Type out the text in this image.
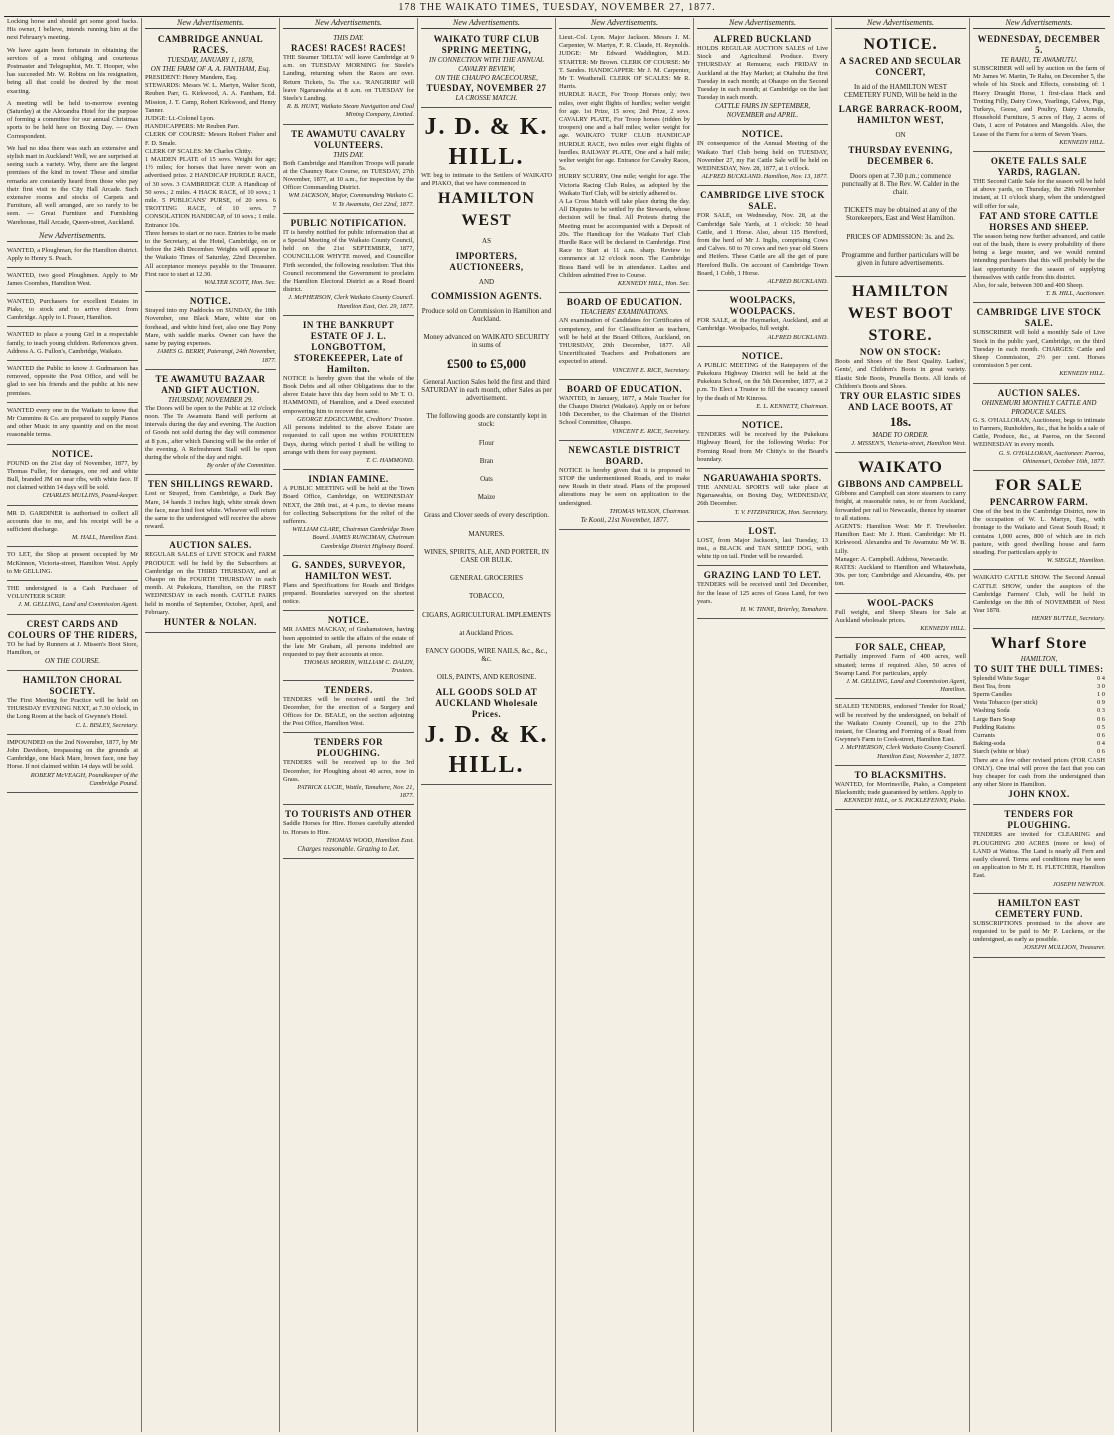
178 THE WAIKATO TIMES, TUESDAY, NOVEMBER 27, 1877.

Locking horse and should get some good backs. His owner, I believe, intends running him at the next February's meeting.

We have again been fortunate in obtaining the services of a most obliging and courteous Postmaster and Telegraphist, Mr. T. Hooper, who has succeeded Mr. W. Robins on his resignation, being all that could be desired by the most exacting.

A meeting will be held to-morrow evening (Saturday) at the Alexandra Hotel for the purpose of forming a committee for our annual Christmas sports to be held here on Boxing Day. — Own Correspondent.

We had no idea there was such an extensive and stylish mart in Auckland! Well, we are surprised at seeing such a variety. Why, there are the largest premises of the kind in town! These and similar remarks are constantly heard from those who pay their first visit to the City Hall Arcade. Such extensive rooms and stocks of Carpets and Furniture, all well arranged, are so rarely to be seen. — Great Furniture and Furnishing Warehouse, Hall Arcade, Queen-street, Auckland.

New Advertisements.
WANTED, a Ploughman, for the Hamilton district. Apply to Henry S. Peach.
WANTED, two good Ploughmen. Apply to Mr James Coombes, Hamilton West.
WANTED, Purchasers for excellent Estates in Piako, to stock and to arrive direct from Cambridge. Apply to I. Fraser, Hamilton.
WANTED to place a young Girl in a respectable family, to teach young children. References given. Address A. G. Fullon's, Cambridge, Waikato.
WANTED the Public to know J. Gudmanson has removed, opposite the Post Office, and will be glad to see his friends and the public at his new premises.
WANTED every one in the Waikato to know that Mr Cummins & Co. are prepared to supply Pianos and other Music in any quantity and on the most reasonable terms.
NOTICE.
FOUND on the 21st day of November, 1877, by Thomas Fuller, for damages, one red and white Bull, branded JM on near ribs, with white face. If not claimed within 14 days will be sold.
CHARLES MULLINS, Pound-keeper.
MR D. GARDINER is authorised to collect all accounts due to me, and his receipt will be a sufficient discharge.
M. HALL, Hamilton East.
TO LET, the Shop at present occupied by Mr McKinnon, Victoria-street, Hamilton West. Apply to Mr GELLING.
THE undersigned is a Cash Purchaser of VOLUNTEER SCRIP.
J. M. GELLING, Land and Commission Agent.
CREST CARDS AND COLOURS OF THE RIDERS,
TO be had by Runners at J. Missen's Boot Store, Hamilton, or
ON THE COURSE.
HAMILTON CHORAL SOCIETY.
The First Meeting for Practice will be held on THURSDAY EVENING NEXT, at 7.30 o'clock, in the Long Room at the back of Gwynne's Hotel.
C. L. BISLEY, Secretary.
IMPOUNDED on the 2nd November, 1877, by Mr John Davidson, trespassing on the grounds at Cambridge, one black Mare, brown face, one bay Horse. If not claimed within 14 days will be sold.
ROBERT McVEAGH, Poundkeeper of the Cambridge Pound.
New Advertisements.
CAMBRIDGE ANNUAL RACES.
TUESDAY, JANUARY 1, 1878,
ON THE FARM OF A. A. FANTHAM, Esq.
PRESIDENT: Henry Mandem, Esq.
STEWARDS: Messrs W. L. Martyn, Walter Scott, Reuben Parr, G. Kirkwood, A. A. Fantham, Ed. Mission, J. T. Camp, Robert Kirkwood, and Henry Tanner.
JUDGE: Lt.-Colonel Lyon.
HANDICAPPERS: Mr Reuben Parr.
CLERK OF COURSE: Messrs Robert Fisher and F. D. Smale.
CLERK OF SCALES: Mr Charles Chitty.
1 MAIDEN PLATE of 15 sovs. Weight for age; 1½ miles; for horses that have never won an advertised prize. 2 HANDICAP HURDLE RACE, of 30 sovs. 3 CAMBRIDGE CUP. A Handicap of 50 sovs.; 2 miles. 4 HACK RACE, of 10 sovs.; 1 mile. 5 PUBLICANS' PURSE, of 20 sovs. 6 TROTTING RACE, of 10 sovs. 7 CONSOLATION HANDICAP, of 10 sovs.; 1 mile. Entrance 10s.
Three horses to start or no race. Entries to be made to the Secretary, at the Hotel, Cambridge, on or before the 24th December. Weights will appear in the Waikato Times of Saturday, 22nd December. All acceptance moneys payable to the Treasurer. First race to start at 12.30.
WALTER SCOTT, Hon. Sec.
NOTICE.
Strayed into my Paddocks on SUNDAY, the 18th November, one Black Mare, white star on forehead, and white hind feet, also one Bay Pony Mare, with saddle marks. Owner can have the same by paying expenses.
JAMES G. BERRY, Paterangi, 24th November, 1877.
TE AWAMUTU BAZAAR AND GIFT AUCTION.
THURSDAY, NOVEMBER 29.
The Doors will be open to the Public at 12 o'clock noon. The Te Awamutu Band will perform at intervals during the day and evening. The Auction of Goods not sold during the day will commence at 8 p.m., after which Dancing will be the order of the evening. A Refreshment Stall will be open during the whole of the day and night.
By order of the Committee.
TEN SHILLINGS REWARD.
Lost or Strayed, from Cambridge, a Dark Bay Mare, 14 hands 3 inches high, white streak down the face, near hind foot white. Whoever will return the same to the undersigned will receive the above reward.
AUCTION SALES.
REGULAR SALES of LIVE STOCK and FARM PRODUCE will be held by the Subscribers at Cambridge on the THIRD THURSDAY, and at Ohaupo on the FOURTH THURSDAY in each month. At Pukekura, Hamilton, on the FIRST WEDNESDAY in each month. CATTLE FAIRS held in months of September, October, April, and February.
HUNTER & NOLAN.
New Advertisements.
THIS DAY.
RACES! RACES! RACES!
THE Steamer 'DELTA' will leave Cambridge at 9 a.m. on TUESDAY MORNING for Steele's Landing, returning when the Races are over. Return Tickets, 5s. The s.s. 'RANGIRIRI' will leave Ngaruawahia at 8 a.m. on TUESDAY for Steele's Landing.
R. B. HUNT, Waikato Steam Navigation and Coal Mining Company, Limited.
TE AWAMUTU CAVALRY VOLUNTEERS.
THIS DAY.
Both Cambridge and Hamilton Troops will parade at the Chauncy Race Course, on TUESDAY, 27th November, 1877, at 10 a.m., for inspection by the Officer Commanding District.
WM JACKSON, Major, Commanding Waikato C. V. Te Awamutu, Oct 22nd, 1877.
PUBLIC NOTIFICATION.
IT is hereby notified for public information that at a Special Meeting of the Waikato County Council, held on the 21st SEPTEMBER, 1877, COUNCILLOR WHYTE moved, and Councillor Firth seconded, the following resolution: That this Council recommend the Government to proclaim the Hamilton Electoral District as a Road Board district.
J. McPHERSON, Clerk Waikato County Council. Hamilton East, Oct. 29, 1877.
IN THE BANKRUPT ESTATE OF J. L. LONGBOTTOM, STOREKEEPER, Late of Hamilton.
NOTICE is hereby given that the whole of the Book Debts and all other Obligations due to the above Estate have this day been sold to Mr T. O. HAMMOND, of Hamilton, and a Deed executed empowering him to recover the same.
GEORGE EDGECUMBE, Creditors' Trustee.
All persons indebted to the above Estate are requested to call upon me within FOURTEEN Days, during which period I shall be willing to arrange with them for easy payment.
T. C. HAMMOND.
INDIAN FAMINE.
A PUBLIC MEETING will be held at the Town Board Office, Cambridge, on WEDNESDAY NEXT, the 28th inst., at 4 p.m., to devise means for collecting Subscriptions for the relief of the sufferers.
WILLIAM CLARE, Chairman Cambridge Town Board. JAMES RUNCIMAN, Chairman Cambridge District Highway Board.
G. SANDES, SURVEYOR, HAMILTON WEST.
Plans and Specifications for Roads and Bridges prepared. Boundaries surveyed on the shortest notice.
NOTICE.
MR JAMES MACKAY, of Grahamstown, having been appointed to settle the affairs of the estate of the late Mr Graham, all persons indebted are requested to pay their accounts at once.
THOMAS MORRIN, WILLIAM C. DALDY, Trustees.
TENDERS.
TENDERS will be received until the 3rd December, for the erection of a Surgery and Offices for Dr. BEALE, on the section adjoining the Post Office, Hamilton West.
TENDERS FOR PLOUGHING.
TENDERS will be received up to the 3rd December, for Ploughing about 40 acres, now in Grass.
PATRICK LUCIE, Wattle, Tamahere, Nov. 21, 1877.
TO TOURISTS AND OTHER
Saddle Horses for Hire. Horses carefully attended to. Horses to Hire.
THOMAS WOOD, Hamilton East.
Charges reasonable. Grazing to Let.
New Advertisements.
WAIKATO TURF CLUB SPRING MEETING,
IN CONNECTION WITH THE ANNUAL CAVALRY REVIEW,
ON THE CHAUPO RACECOURSE,
TUESDAY, NOVEMBER 27
LA CROSSE MATCH.
J. D. & K. HILL.
WE beg to intimate to the Settlers of WAIKATO and PIAKO, that we have commenced in
HAMILTON WEST
AS
IMPORTERS, AUCTIONEERS,
AND
COMMISSION AGENTS.
Produce sold on Commission in Hamilton and Auckland.
Money advanced on WAIKATO SECURITY in sums of
£500 to £5,000
General Auction Sales held the first and third SATURDAY in each month, other Sales as per advertisement.
The following goods are constantly kept in stock:
Flour
Bran
Oats
Maize
Grass and Clover seeds of every description.
MANURES.
WINES, SPIRITS, ALE, AND PORTER, IN CASE OR BULK.
GENERAL GROCERIES
TOBACCO,
CIGARS, AGRICULTURAL IMPLEMENTS
at Auckland Prices.
FANCY GOODS, WIRE NAILS, &c., &c., &c.
OILS, PAINTS, AND KEROSINE.
ALL GOODS SOLD AT AUCKLAND Wholesale Prices.
J. D. & K. HILL.
New Advertisements.
Lieut.-Col. Lyon. Major Jackson. Messrs J. M. Carpenter, W. Martyn, F. R. Claude, H. Reynolds. JUDGE: Mr Edward Waddington, M.D. STARTER: Mr Brown. CLERK OF COURSE: Mr T. Sandes. HANDICAPPER: Mr J. M. Carpenter, Mr T. Weatherall. CLERK OF SCALES: Mr R. Harris.
HURDLE RACE, For Troop Horses only; two miles, over eight flights of hurdles; welter weight for age. 1st Prize, 15 sovs; 2nd Prize, 2 sovs. CAVALRY PLATE, For Troop horses (ridden by troopers) one and a half miles; welter weight for age. WAIKATO TURF CLUB HANDICAP HURDLE RACE, two miles over eight flights of hurdles. RAILWAY PLATE, One and a half mile; welter weight for age. Entrance for Cavalry Races, 5s.
HURRY SCURRY, One mile; weight for age. The Victoria Racing Club Rules, as adopted by the Waikato Turf Club, will be strictly adhered to.
A La Cross Match will take place during the day. All Disputes to be settled by the Stewards, whose decision will be final. All Protests during the Meeting must be accompanied with a Deposit of 20s. The Handicap for the Waikato Turf Club Hurdle Race will be declared in Cambridge. First Race to Start at 11 a.m. sharp. Review to commence at 12 o'clock noon. The Cambridge Brass Band will be in attendance. Ladies and Children admitted Free to Course.
KENNEDY HILL, Hon. Sec.
BOARD OF EDUCATION.
TEACHERS' EXAMINATIONS.
AN examination of Candidates for Certificates of competency, and for Classification as teachers, will be held at the Board Offices, Auckland, on THURSDAY, 20th December, 1877. All Uncertificated Teachers and Probationers are expected to attend.
VINCENT E. RICE, Secretary.
BOARD OF EDUCATION.
WANTED, in January, 1877, a Male Teacher for the Chaupo District (Waikato). Apply on or before 10th December, to the Chairman of the District School Committee, Ohaupo.
VINCENT E. RICE, Secretary.
NEWCASTLE DISTRICT BOARD.
NOTICE is hereby given that it is proposed to STOP the undermentioned Roads, and to make new Roads in their stead. Plans of the proposed alterations may be seen on application to the undersigned.
THOMAS WILSON, Chairman.
Te Kooti, 21st November, 1877.
New Advertisements.
ALFRED BUCKLAND
HOLDS REGULAR AUCTION SALES of Live Stock and Agricultural Produce. Every THURSDAY at Remuera; each FRIDAY in Auckland at the Hay Market; at Otahuhu the first Tuesday in each month; at Ohaupo on the Second Tuesday in each month; at Cambridge on the last Tuesday in each month.
CATTLE FAIRS IN SEPTEMBER, NOVEMBER and APRIL.
NOTICE.
IN consequence of the Annual Meeting of the Waikato Turf Club being held on TUESDAY, November 27, my Fat Cattle Sale will be held on WEDNESDAY, Nov. 28, 1877, at 1 o'clock.
ALFRED BUCKLAND. Hamilton, Nov. 13, 1877.
CAMBRIDGE LIVE STOCK SALE.
FOR SALE, on Wednesday, Nov. 28, at the Cambridge Sale Yards, at 1 o'clock: 50 head Cattle, and 1 Horse. Also, about 115 Hereford, from the herd of Mr J. Inglis, comprising Cows and Calves. 60 to 70 cows and two year old Steers and Heifers. These Cattle are all the get of pure Hereford Bulls. On account of Cambridge Town Board, 1 Cobb, 1 Horse.
ALFRED BUCKLAND.
WOOLPACKS, WOOLPACKS.
FOR SALE, at the Haymarket, Auckland, and at Cambridge. Woolpacks, full weight.
ALFRED BUCKLAND.
NOTICE.
A PUBLIC MEETING of the Ratepayers of the Pukekura Highway District will be held at the Pukekura School, on the 5th December, 1877, at 2 p.m. To Elect a Trustee to fill the vacancy caused by the death of Mr Kinross.
E. L. KENNETT, Chairman.
NOTICE.
TENDERS will be received by the Pukekura Highway Board, for the following Works: For Forming Road from Mr Chitty's to the Board's boundary.
NGARUAWAHIA SPORTS.
THE ANNUAL SPORTS will take place at Ngaruawahia, on Boxing Day, WEDNESDAY, 26th December.
T. V. FITZPATRICK, Hon. Secretary.
LOST.
LOST, from Major Jackson's, last Tuesday, 13 inst., a BLACK and TAN SHEEP DOG, with white tip on tail. Finder will be rewarded.
GRAZING LAND TO LET.
TENDERS will be received until 3rd December, for the lease of 125 acres of Grass Land, for two years.
H. W. TINNE, Brierley, Tamahere.
New Advertisements.
NOTICE.
A SACRED AND SECULAR CONCERT,
In aid of the HAMILTON WEST CEMETERY FUND, Will be held in the
LARGE BARRACK-ROOM, HAMILTON WEST,
ON
THURSDAY EVENING, DECEMBER 6.
Doors open at 7.30 p.m.; commence punctually at 8. The Rev. W. Calder in the chair.
TICKETS may be obtained at any of the Storekeepers, East and West Hamilton.
PRICES OF ADMISSION: 3s. and 2s.
Programme and further particulars will be given in future advertisements.
HAMILTON WEST BOOT STORE.
NOW ON STOCK:
Boots and Shoes of the Best Quality. Ladies', Gents', and Children's Boots in great variety. Elastic Side Boots, Prunella Boots. All kinds of Children's Boots and Shoes.
TRY OUR ELASTIC SIDES AND LACE BOOTS, AT
18s.
MADE TO ORDER.
J. MISSEN'S, Victoria-street, Hamilton West.
WAIKATO
GIBBONS AND CAMPBELL
Gibbons and Campbell can store steamers to carry freight, at reasonable rates, to or from Auckland, forwarded per rail to Newcastle, thence by steamer to all stations.
AGENTS: Hamilton West: Mr F. Trewheeler. Hamilton East: Mr J. Hunt. Cambridge: Mr H. Kirkwood. Alexandra and Te Awamutu: Mr W. B. Lilly.
Manager: A. Campbell. Address, Newcastle.
RATES: Auckland to Hamilton and Whatawhata, 30s. per ton; Cambridge and Alexandra, 40s. per ton.
WOOL-PACKS
Full weight, and Sheep Shears for Sale at Auckland wholesale prices.
KENNEDY HILL.
FOR SALE, CHEAP,
Partially improved Farm of 400 acres, well situated; terms if required. Also, 50 acres of Swamp Land. For particulars, apply
J. M. GELLING, Land and Commission Agent, Hamilton.
SEALED TENDERS, endorsed 'Tender for Road,' will be received by the undersigned, on behalf of the Waikato County Council, up to the 27th instant, for Clearing and Forming of a Road from Gwynne's Farm to Cook-street, Hamilton East.
J. McPHERSON, Clerk Waikato County Council. Hamilton East, November 2, 1877.
TO BLACKSMITHS.
WANTED, for Morrinsville, Piako, a Competent Blacksmith; trade guaranteed by settlers. Apply to
KENNEDY HILL, or S. PICKLEFENNY, Piako.
New Advertisements.
WEDNESDAY, DECEMBER 5.
TE RAHU, TE AWAMUTU.
SUBSCRIBER will sell by auction on the farm of Mr James W. Martin, Te Rahu, on December 5, the whole of his Stock and Effects, consisting of: 1 Heavy Draught Horse, 1 first-class Hack and Trotting Filly, Dairy Cows, Yearlings, Calves, Pigs, Turkeys, Geese, and Poultry, Dairy Utensils, Household Furniture, 5 acres of Hay, 2 acres of Oats, 1 acre of Potatoes and Mangolds. Also, the Lease of the Farm for a term of Seven Years.
KENNEDY HILL.
OKETE FALLS SALE YARDS, RAGLAN.
THE Second Cattle Sale for the season will be held at above yards, on Thursday, the 29th November instant, at 11 o'clock sharp, when the undersigned will offer for sale,
FAT AND STORE CATTLE HORSES AND SHEEP.
The season being now further advanced, and cattle out of the bush, there is every probability of there being a large muster, and we would remind intending purchasers that this will probably be the last opportunity for the season of supplying themselves with cattle from this district.
Also, for sale, between 300 and 400 Sheep.
T. B. HILL, Auctioneer.
CAMBRIDGE LIVE STOCK SALE.
SUBSCRIBER will hold a monthly Sale of Live Stock in the public yard, Cambridge, on the third Tuesday in each month. CHARGES: Cattle and Sheep Commission, 2½ per cent. Horses commission 5 per cent.
KENNEDY HILL.
AUCTION SALES.
OHINEMURI MONTHLY CATTLE AND PRODUCE SALES.
G. S. O'HALLORAN, Auctioneer, begs to intimate to Farmers, Runholders, &c., that he holds a sale of Cattle, Produce, &c., at Paeroa, on the Second WEDNESDAY in every month.
G. S. O'HALLORAN, Auctioneer. Paeroa, Ohinemuri, October 16th, 1877.
FOR SALE
PENCARROW FARM.
One of the best in the Cambridge District, now in the occupation of W. L. Martyn, Esq., with frontage to the Waikato and Great South Road; it contains 1,000 acres, 800 of which are in rich pasture, with good dwelling house and farm steading. For particulars apply to
W. SIEGLE, Hamilton.
WAIKATO CATTLE SHOW. The Second Annual CATTLE SHOW, under the auspices of the Cambridge Farmers' Club, will be held in Cambridge on the 8th of NOVEMBER of Next Year 1878.
HENRY BUTTLE, Secretary.
Wharf Store
HAMILTON,
TO SUIT THE DULL TIMES:
Splendid White Sugar	0 4
Best Tea, from	3 0
Sperm Candles	1 0
Vesta Tobacco (per stick)	0 9
Washing Soda	0 3
Large Bars Soap	0 6
Pudding Raisins	0 5
Currants	0 6
Baking-soda	0 4
Starch (white or blue)	0 6
There are a few other revised prices (FOR CASH ONLY). One trial will prove the fact that you can buy cheaper for cash from the undersigned than any other Store in Hamilton.
JOHN KNOX.
TENDERS FOR PLOUGHING.
TENDERS are invited for CLEARING and PLOUGHING 200 ACRES (more or less) of LAND at Waitoa. The Land is nearly all Fern and easily cleared. Terms and conditions may be seen on application to Mr E. H. FLETCHER, Hamilton East.
JOSEPH NEWTON.
HAMILTON EAST CEMETERY FUND.
SUBSCRIPTIONS promised to the above are requested to be paid to Mr P. Luckens, or the undersigned, as early as possible.
JOSEPH MULLION, Treasurer.
